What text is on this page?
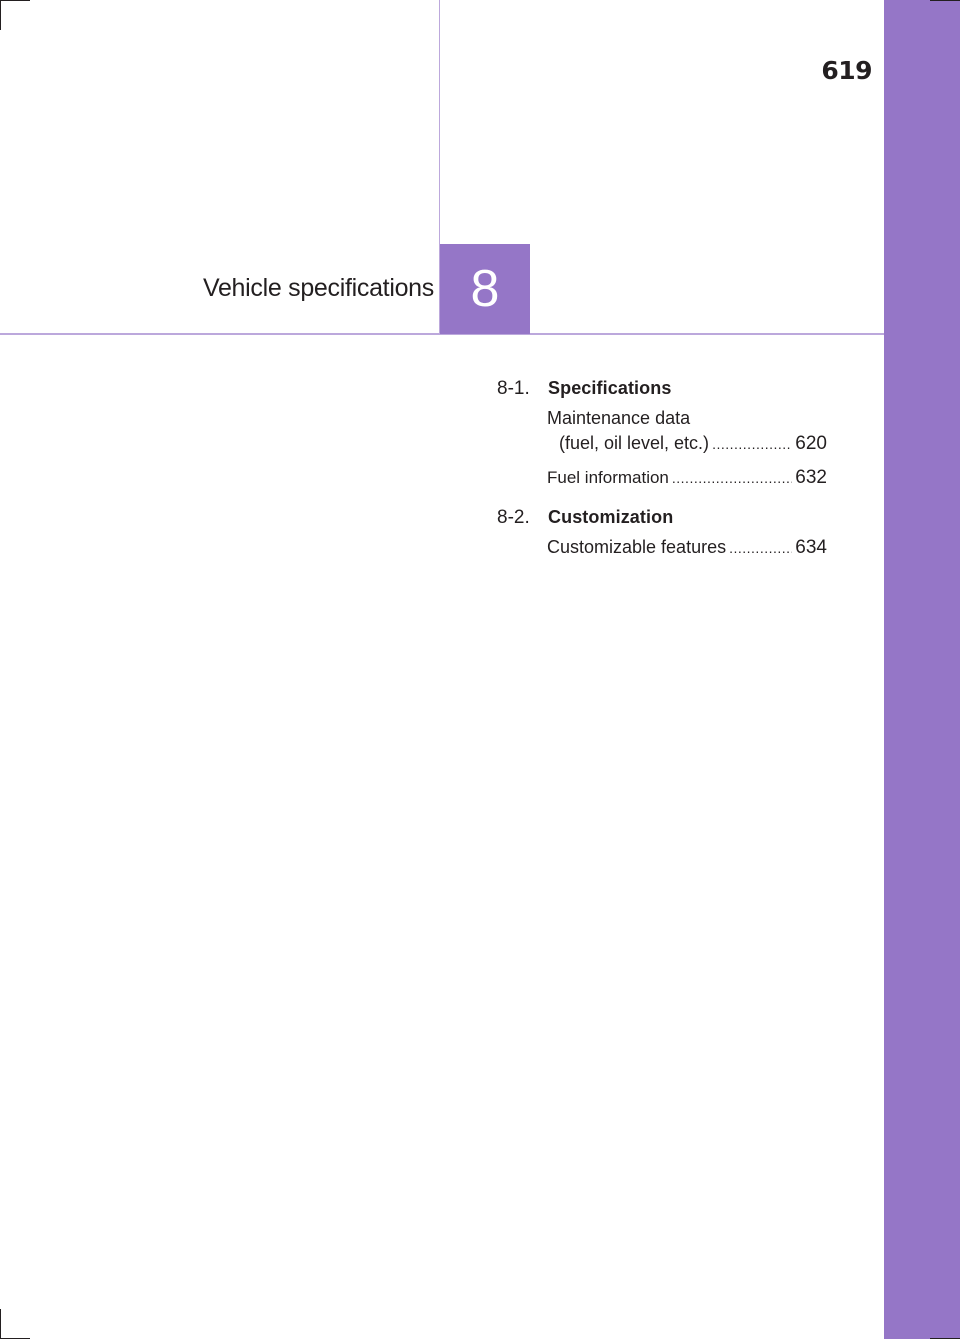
619
Vehicle specifications 8
8-1.	Specifications
Maintenance data
(fuel, oil level, etc.) .....	620
Fuel information .....	632
8-2.	Customization
Customizable features .....	634
